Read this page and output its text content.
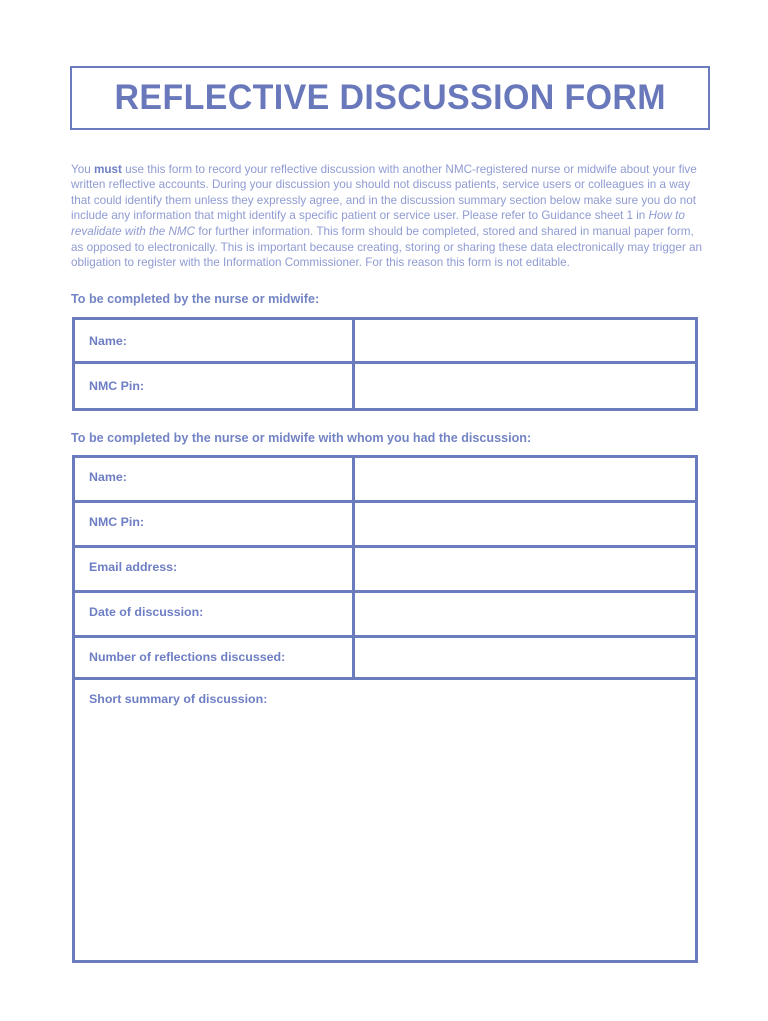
REFLECTIVE DISCUSSION FORM

You must use this form to record your reflective discussion with another NMC-registered nurse or midwife about your five written reflective accounts. During your discussion you should not discuss patients, service users or colleagues in a way that could identify them unless they expressly agree, and in the discussion summary section below make sure you do not include any information that might identify a specific patient or service user. Please refer to Guidance sheet 1 in How to revalidate with the NMC for further information. This form should be completed, stored and shared in manual paper form, as opposed to electronically. This is important because creating, storing or sharing these data electronically may trigger an obligation to register with the Information Commissioner. For this reason this form is not editable.

To be completed by the nurse or midwife:
Name:
NMC Pin:
To be completed by the nurse or midwife with whom you had the discussion:
Name:
NMC Pin:
Email address:
Date of discussion:
Number of reflections discussed:
Short summary of discussion:
